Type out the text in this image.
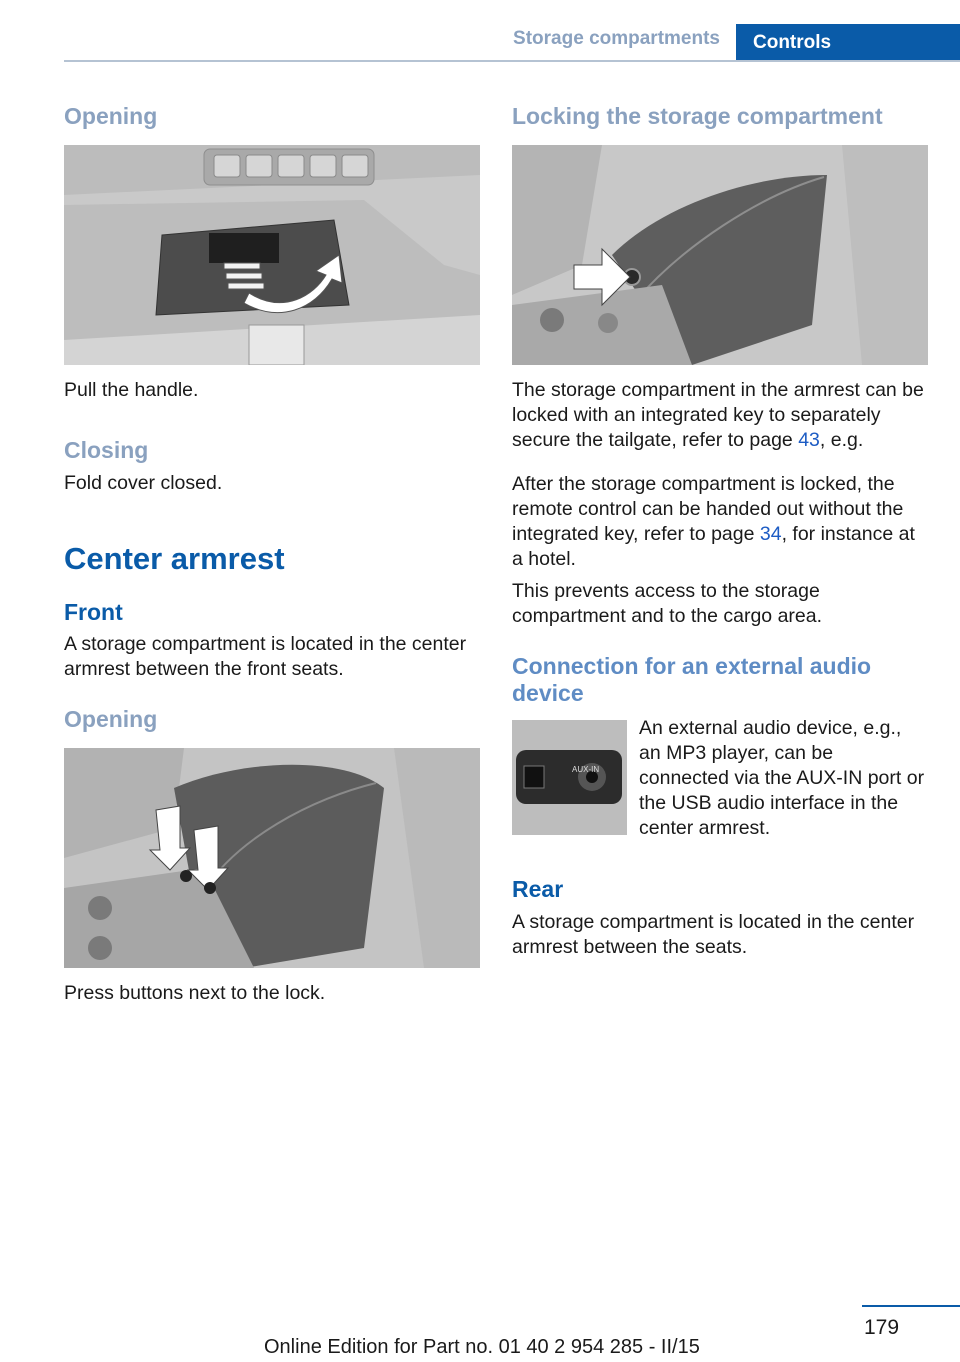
Storage compartments	Controls
Opening

Pull the handle.

Closing

Fold cover closed.

Center armrest
Front

A storage compartment is located in the center armrest between the front seats.

Opening

Press buttons next to the lock.

Locking the storage compartment

The storage compartment in the armrest can be locked with an integrated key to separately secure the tailgate, refer to page 43, e.g.

After the storage compartment is locked, the remote control can be handed out without the integrated key, refer to page 34, for instance at a hotel.

This prevents access to the storage compartment and to the cargo area.

Connection for an external audio device
AUX-IN

An external audio device, e.g., an MP3 player, can be connected via the AUX-IN port or the USB audio interface in the center armrest.

Rear

A storage compartment is located in the center armrest between the seats.

179
Online Edition for Part no. 01 40 2 954 285 - II/15
